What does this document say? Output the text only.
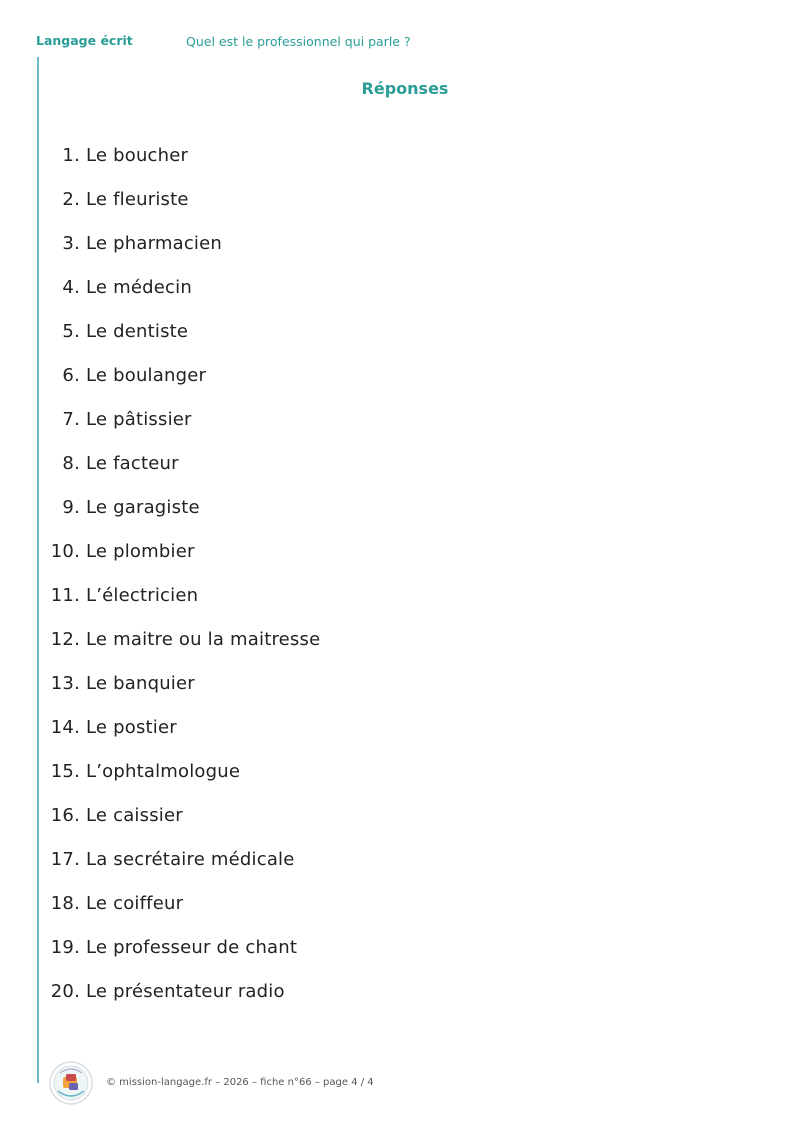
Langage écrit	Quel est le professionnel qui parle ?
Réponses
1. Le boucher
2. Le fleuriste
3. Le pharmacien
4. Le médecin
5. Le dentiste
6. Le boulanger
7. Le pâtissier
8. Le facteur
9. Le garagiste
10. Le plombier
11. L’électricien
12. Le maitre ou la maitresse
13. Le banquier
14. Le postier
15. L’ophtalmologue
16. Le caissier
17. La secrétaire médicale
18. Le coiffeur
19. Le professeur de chant
20. Le présentateur radio
© mission-langage.fr – 2026 – fiche n°66 – page 4 / 4
